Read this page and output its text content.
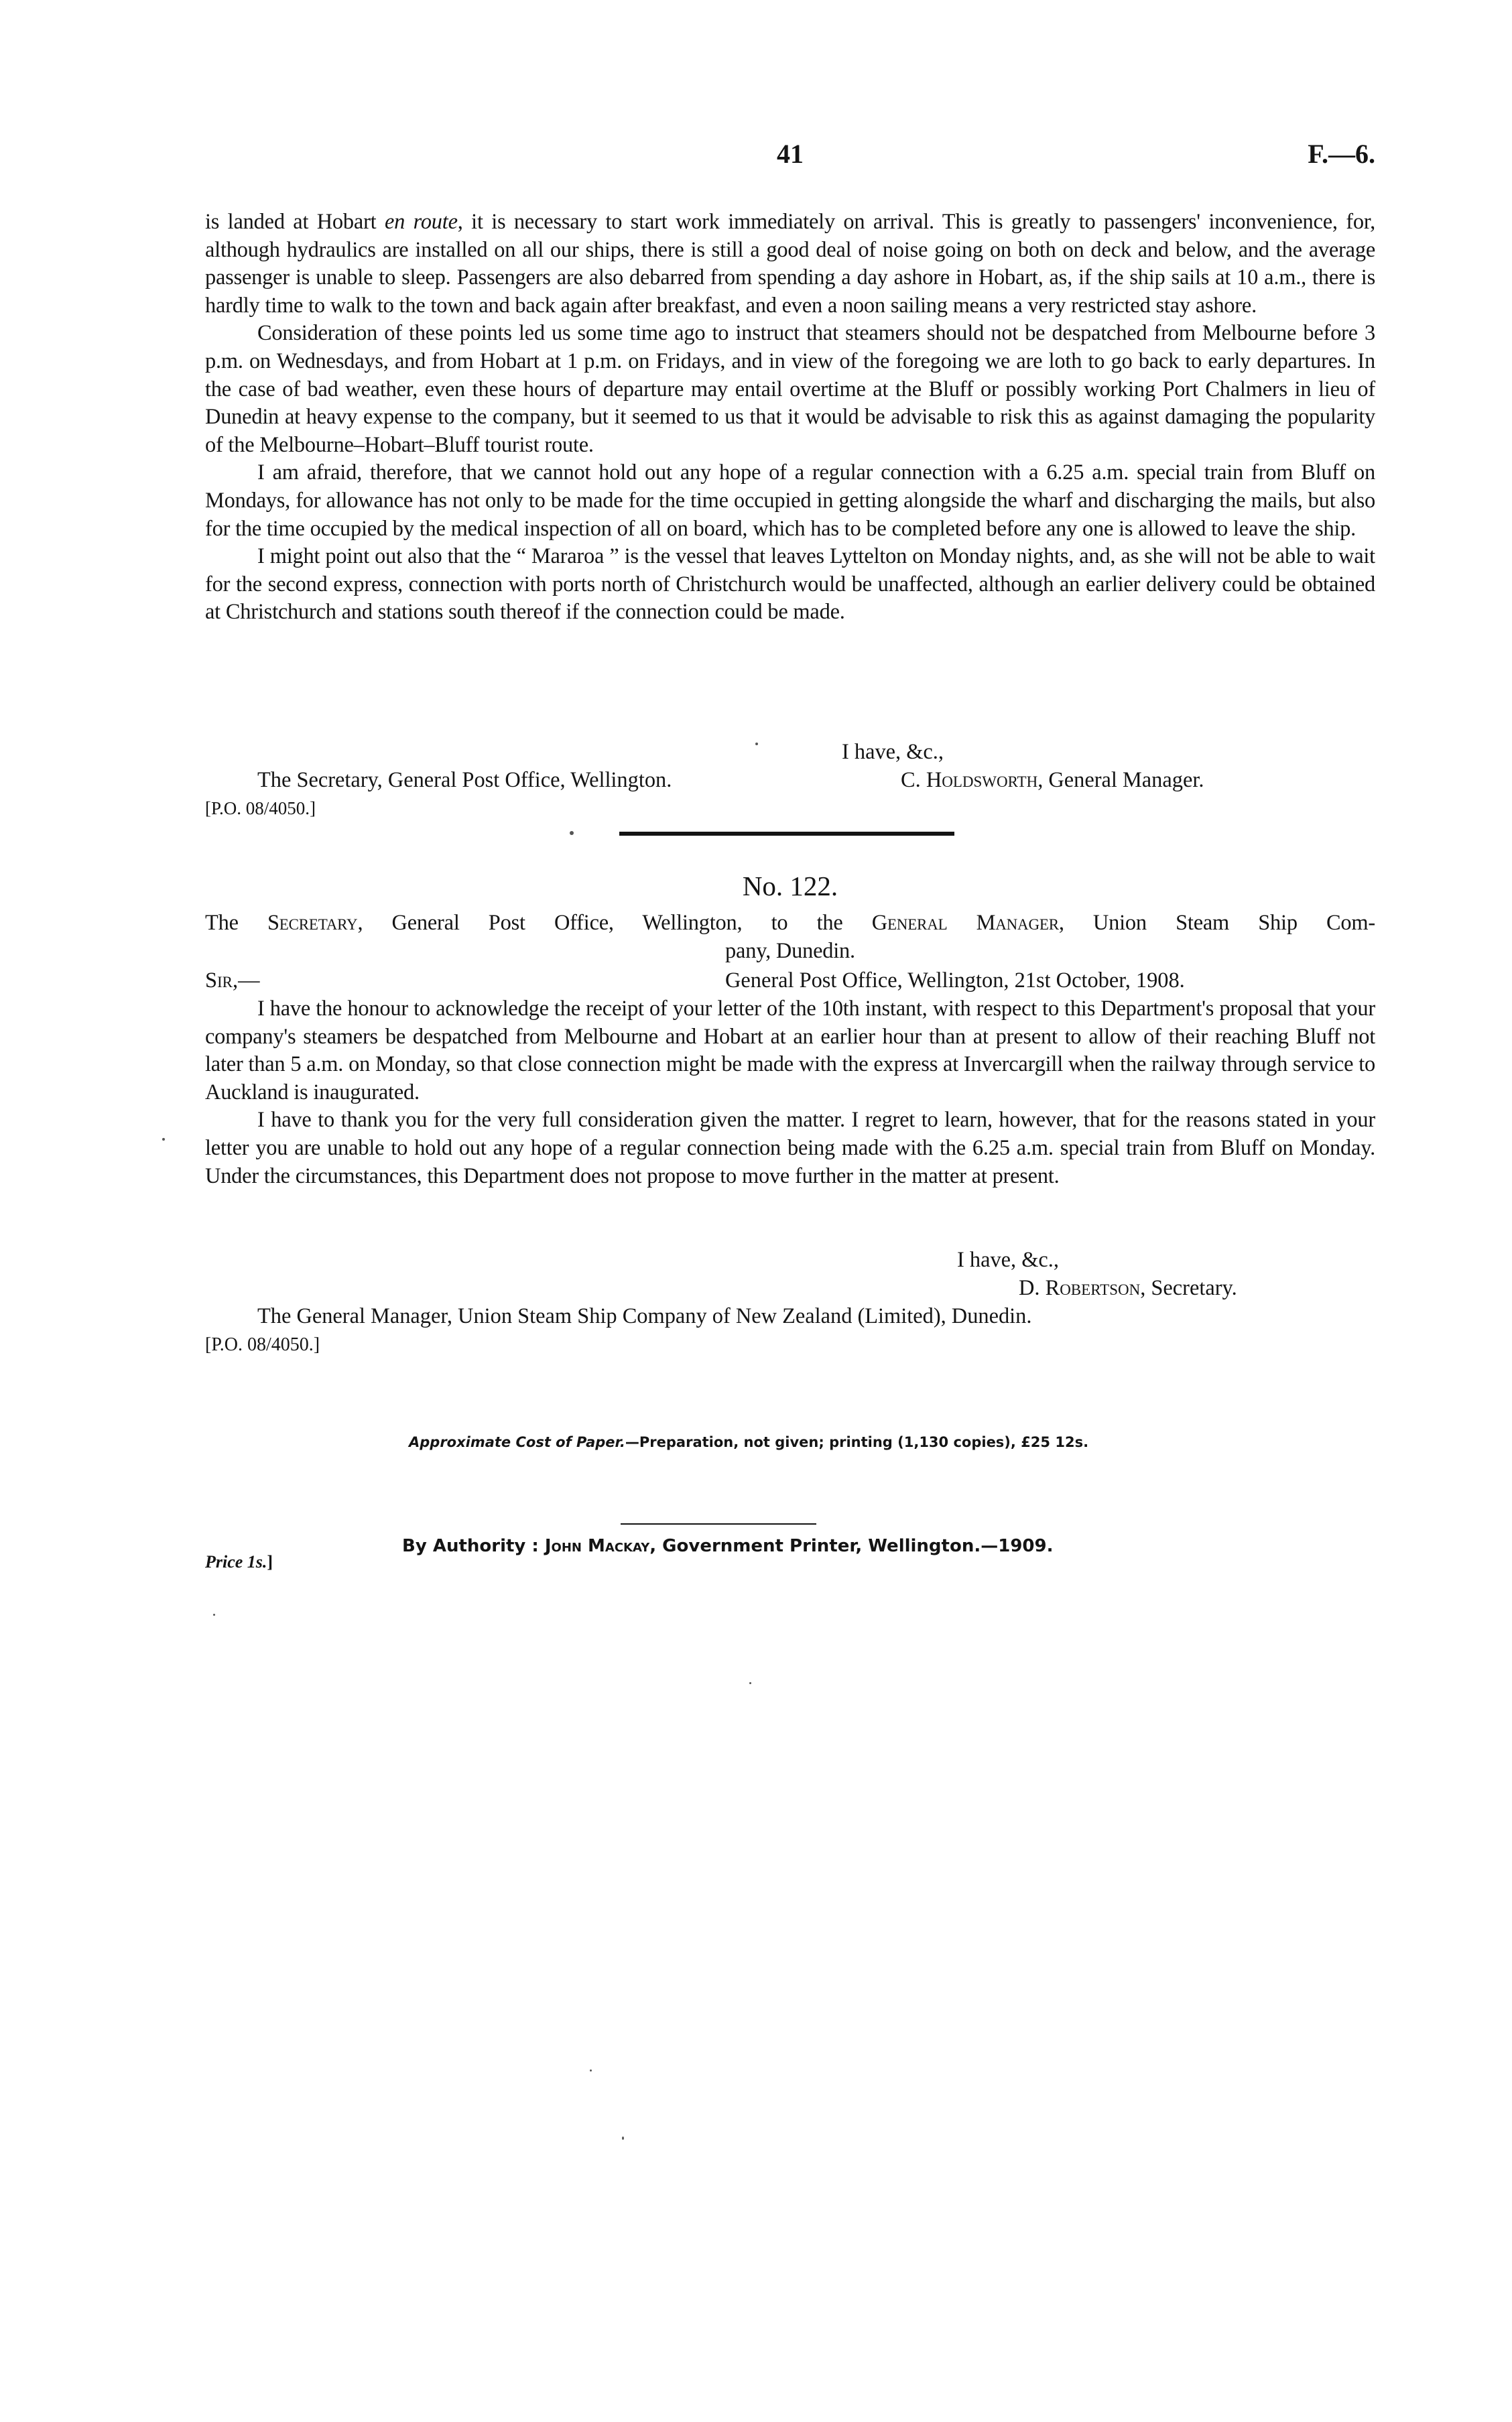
41	F.—6.

is landed at Hobart en route, it is necessary to start work immediately on arrival. This is greatly to passengers' inconvenience, for, although hydraulics are installed on all our ships, there is still a good deal of noise going on both on deck and below, and the average passenger is unable to sleep. Passengers are also debarred from spending a day ashore in Hobart, as, if the ship sails at 10 a.m., there is hardly time to walk to the town and back again after breakfast, and even a noon sailing means a very restricted stay ashore.

Consideration of these points led us some time ago to instruct that steamers should not be despatched from Melbourne before 3 p.m. on Wednesdays, and from Hobart at 1 p.m. on Fridays, and in view of the foregoing we are loth to go back to early departures. In the case of bad weather, even these hours of departure may entail overtime at the Bluff or possibly working Port Chalmers in lieu of Dunedin at heavy expense to the company, but it seemed to us that it would be advisable to risk this as against damaging the popularity of the Melbourne–Hobart–Bluff tourist route.

I am afraid, therefore, that we cannot hold out any hope of a regular connection with a 6.25 a.m. special train from Bluff on Mondays, for allowance has not only to be made for the time occupied in getting alongside the wharf and discharging the mails, but also for the time occupied by the medical inspection of all on board, which has to be completed before any one is allowed to leave the ship.

I might point out also that the “ Mararoa ” is the vessel that leaves Lyttelton on Monday nights, and, as she will not be able to wait for the second express, connection with ports north of Christchurch would be unaffected, although an earlier delivery could be obtained at Christchurch and stations south thereof if the connection could be made.

I have, &c.,
The Secretary, General Post Office, Wellington.	C. Holdsworth, General Manager.
[P.O. 08/4050.]
No. 122.
The Secretary, General Post Office, Wellington, to the General Manager, Union Steam Ship Com-
pany, Dunedin.
Sir,—	General Post Office, Wellington, 21st October, 1908.

I have the honour to acknowledge the receipt of your letter of the 10th instant, with respect to this Department's proposal that your company's steamers be despatched from Melbourne and Hobart at an earlier hour than at present to allow of their reaching Bluff not later than 5 a.m. on Monday, so that close connection might be made with the express at Invercargill when the railway through service to Auckland is inaugurated.

I have to thank you for the very full consideration given the matter. I regret to learn, however, that for the reasons stated in your letter you are unable to hold out any hope of a regular connection being made with the 6.25 a.m. special train from Bluff on Monday. Under the circumstances, this Department does not propose to move further in the matter at present.

I have, &c.,
D. Robertson, Secretary.
The General Manager, Union Steam Ship Company of New Zealand (Limited), Dunedin.
[P.O. 08/4050.]
Approximate Cost of Paper.—Preparation, not given; printing (1,130 copies), £25 12s.
Price 1s.]
By Authority : John Mackay, Government Printer, Wellington.—1909.
